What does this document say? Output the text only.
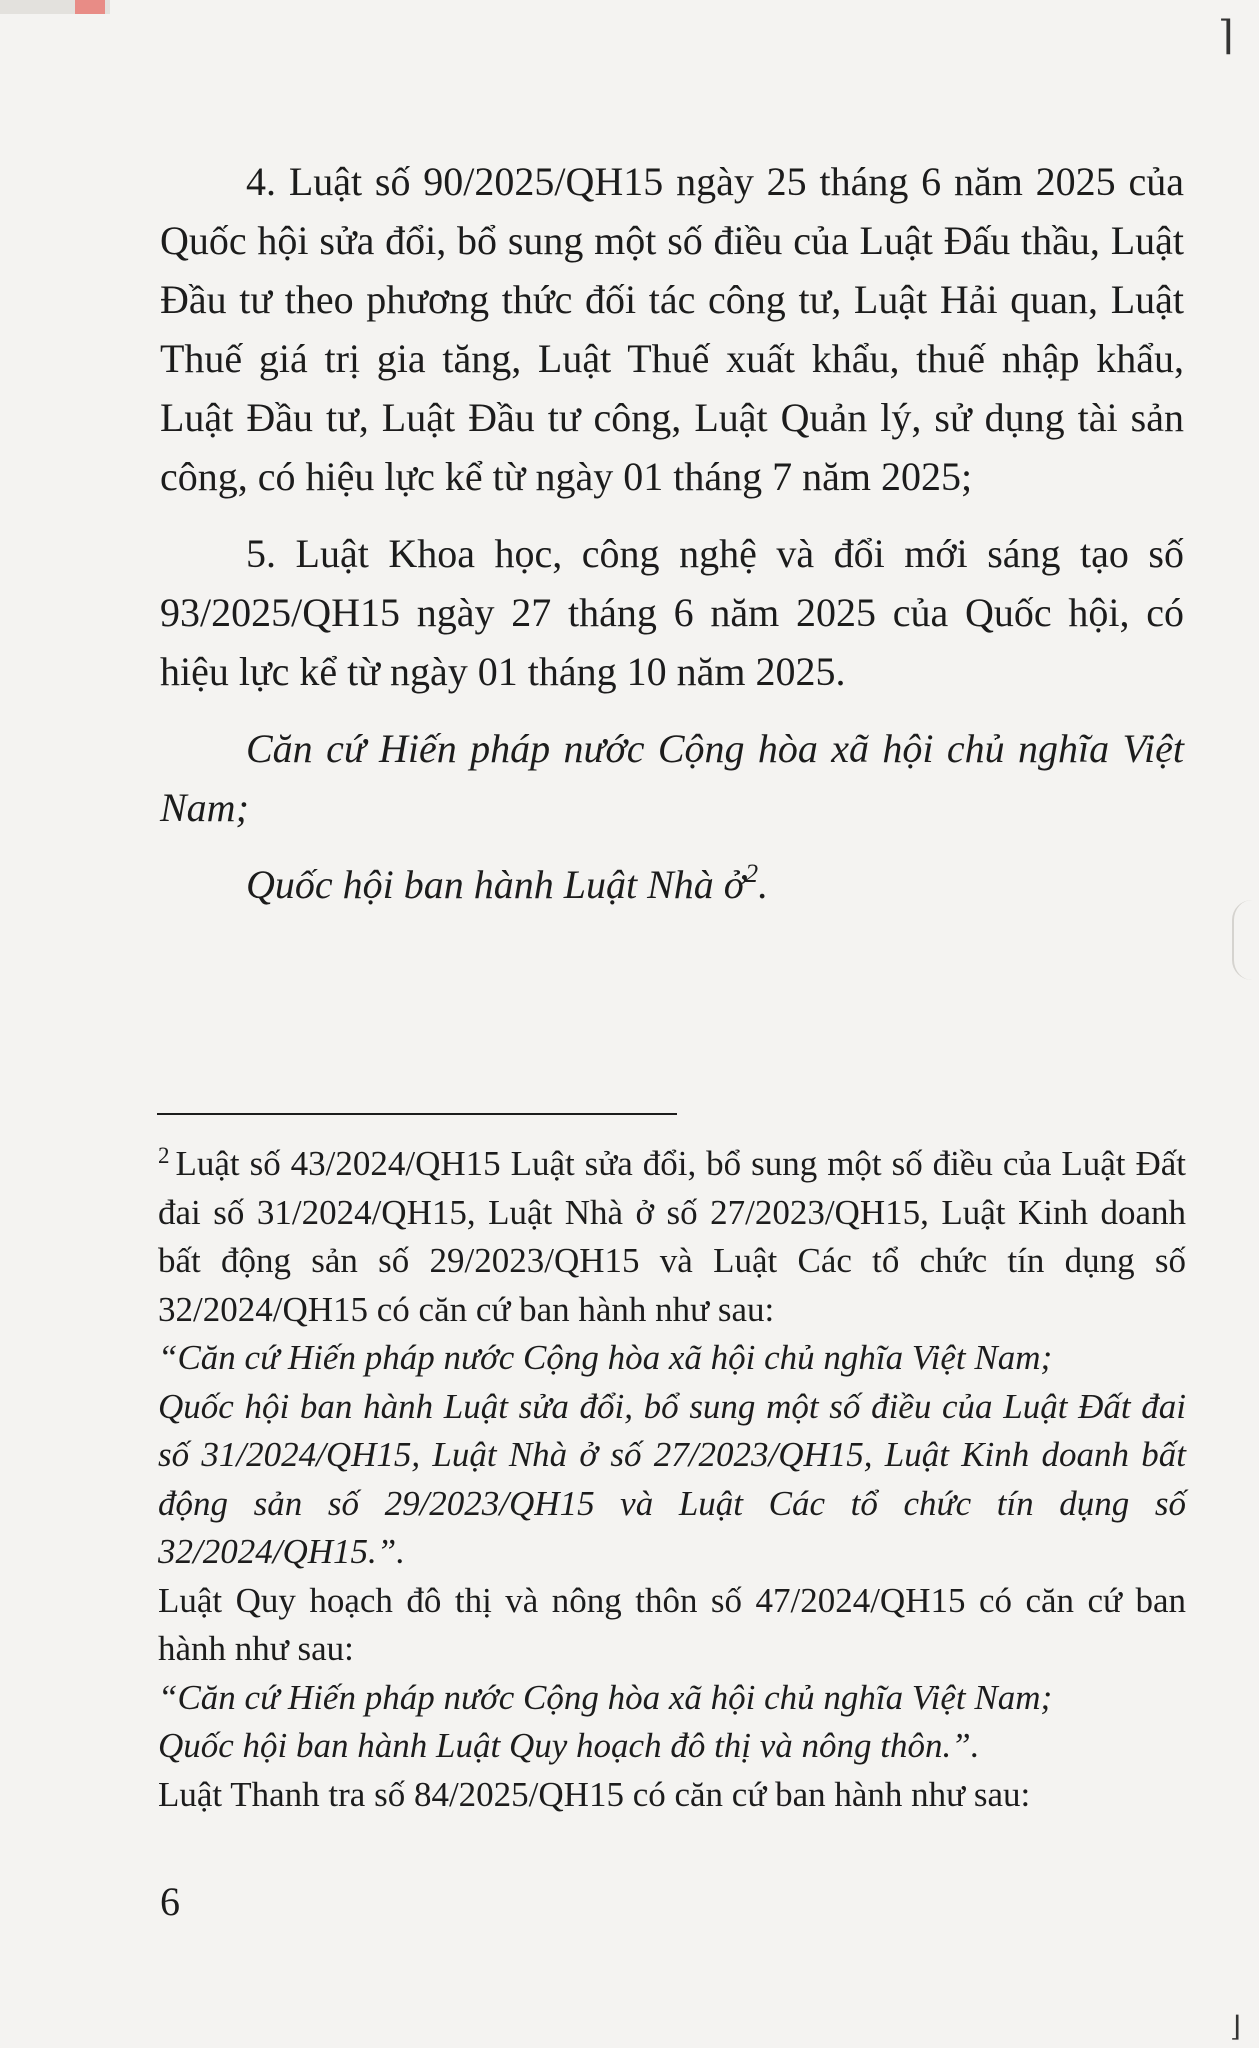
⌉
⌋

4. Luật số 90/2025/QH15 ngày 25 tháng 6 năm 2025 của Quốc hội sửa đổi, bổ sung một số điều của Luật Đấu thầu, Luật Đầu tư theo phương thức đối tác công tư, Luật Hải quan, Luật Thuế giá trị gia tăng, Luật Thuế xuất khẩu, thuế nhập khẩu, Luật Đầu tư, Luật Đầu tư công, Luật Quản lý, sử dụng tài sản công, có hiệu lực kể từ ngày 01 tháng 7 năm 2025;

5. Luật Khoa học, công nghệ và đổi mới sáng tạo số 93/2025/QH15 ngày 27 tháng 6 năm 2025 của Quốc hội, có hiệu lực kể từ ngày 01 tháng 10 năm 2025.

Căn cứ Hiến pháp nước Cộng hòa xã hội chủ nghĩa Việt Nam;

Quốc hội ban hành Luật Nhà ở$^2$.

$^2$ Luật số 43/2024/QH15 Luật sửa đổi, bổ sung một số điều của Luật Đất đai số 31/2024/QH15, Luật Nhà ở số 27/2023/QH15, Luật Kinh doanh bất động sản số 29/2023/QH15 và Luật Các tổ chức tín dụng số 32/2024/QH15 có căn cứ ban hành như sau:

“Căn cứ Hiến pháp nước Cộng hòa xã hội chủ nghĩa Việt Nam;

Quốc hội ban hành Luật sửa đổi, bổ sung một số điều của Luật Đất đai số 31/2024/QH15, Luật Nhà ở số 27/2023/QH15, Luật Kinh doanh bất động sản số 29/2023/QH15 và Luật Các tổ chức tín dụng số 32/2024/QH15.”.

Luật Quy hoạch đô thị và nông thôn số 47/2024/QH15 có căn cứ ban hành như sau:

“Căn cứ Hiến pháp nước Cộng hòa xã hội chủ nghĩa Việt Nam;

Quốc hội ban hành Luật Quy hoạch đô thị và nông thôn.”.

Luật Thanh tra số 84/2025/QH15 có căn cứ ban hành như sau:

6
